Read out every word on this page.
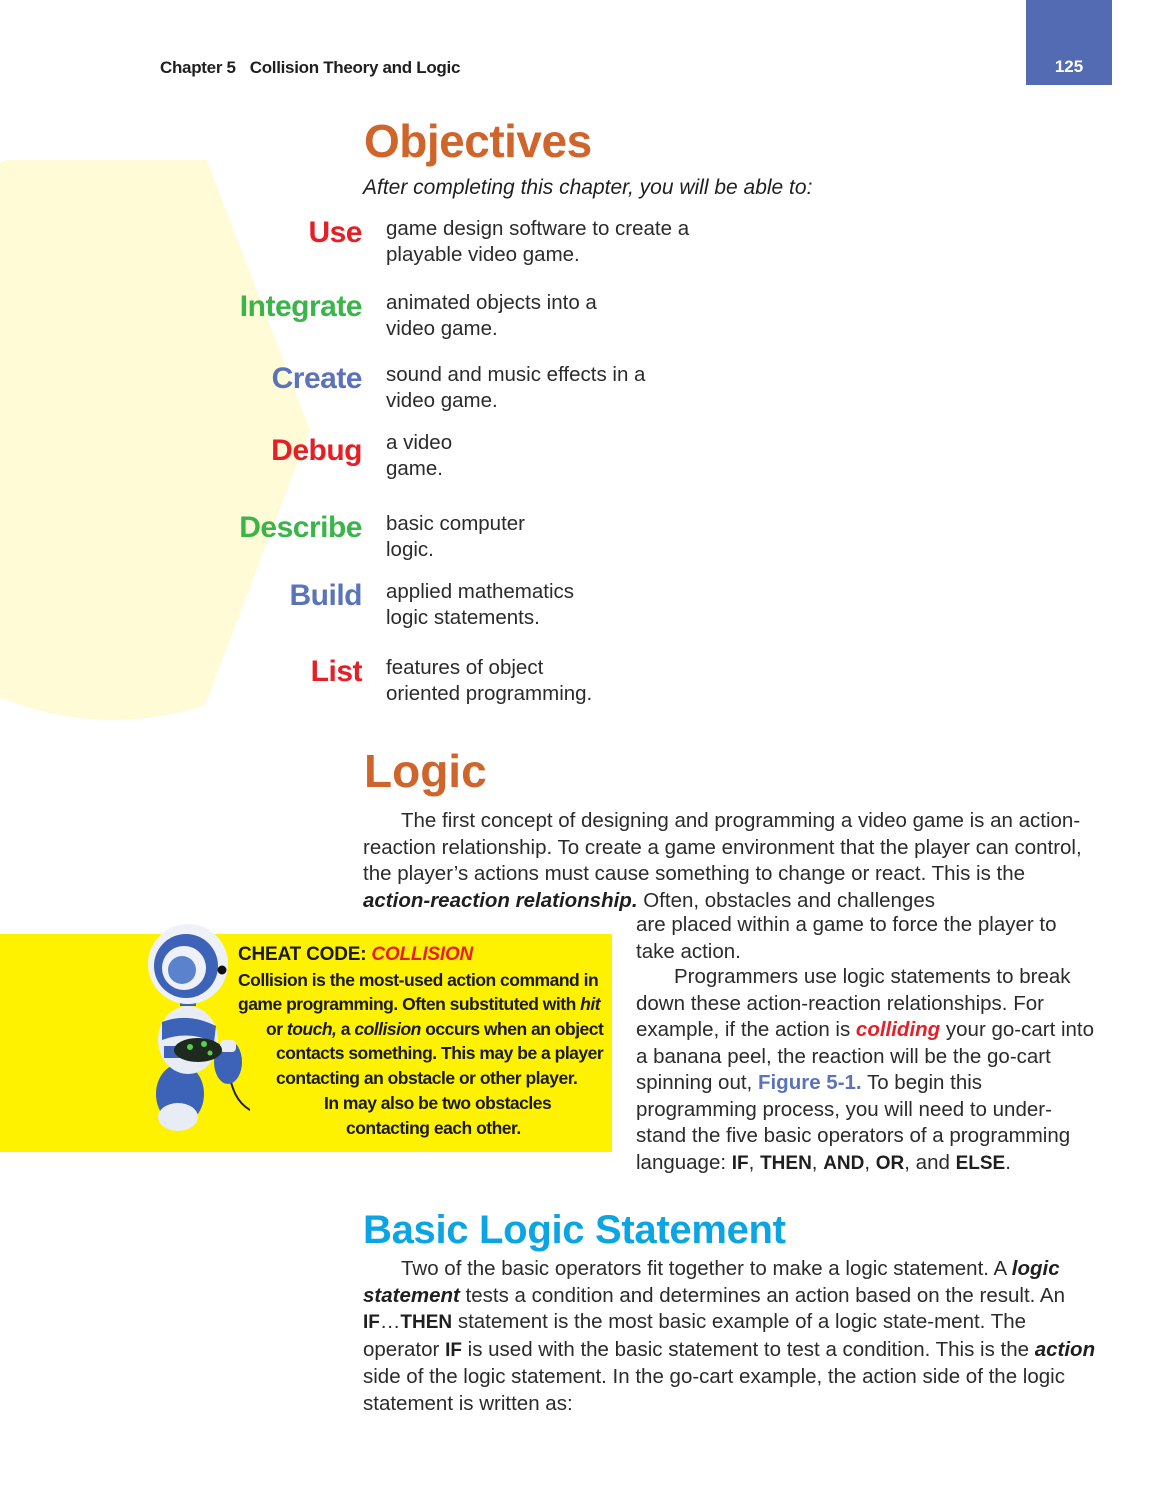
Chapter 5 Collision Theory and Logic	125
Objectives
After completing this chapter, you will be able to:
Use game design software to create a
playable video game.
Integrate animated objects into a
video game.
Create sound and music effects in a
video game.
Debug a video
game.
Describe basic computer
logic.
Build applied mathematics
logic statements.
List features of object
oriented programming.
Logic
The first concept of designing and programming a video game is an action-reaction relationship. To create a game environment that the player can control, the player’s actions must cause something to change or react. This is the action-reaction relationship. Often, obstacles and challenges
are placed within a game to force the player to take action.
Programmers use logic statements to break down these action-reaction relationships. For example, if the action is colliding your go-cart into a banana peel, the reaction will be the go-cart spinning out, Figure 5-1. To begin this programming process, you will need to under-stand the five basic operators of a programming language: IF, THEN, AND, OR, and ELSE.
CHEAT CODE: COLLISION
Collision is the most-used action command in
game programming. Often substituted with hit
or touch, a collision occurs when an object
contacts something. This may be a player
contacting an obstacle or other player.
In may also be two obstacles
contacting each other.
Basic Logic Statement
Two of the basic operators fit together to make a logic statement. A logic statement tests a condition and determines an action based on the result. An IF…THEN statement is the most basic example of a logic state-ment. The operator IF is used with the basic statement to test a condition. This is the action side of the logic statement. In the go-cart example, the action side of the logic statement is written as:
